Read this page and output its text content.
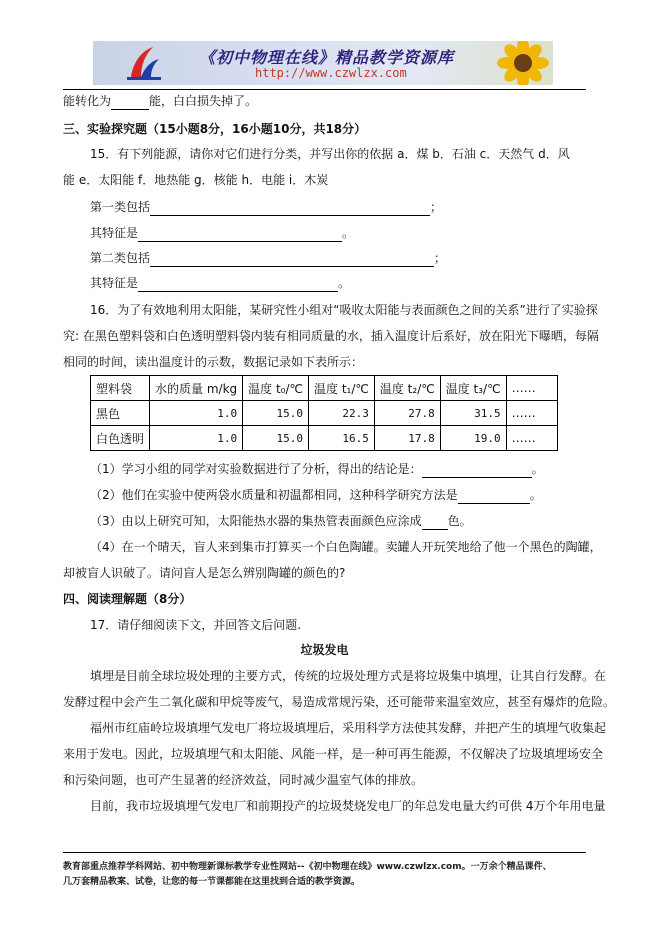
《初中物理在线》精品教学资源库
http://www.czwlzx.com
能转化为	能，白白损失掉了。
三、实验探究题（15小题8分，16小题10分，共18分）
15．有下列能源，请你对它们进行分类，并写出你的依据 a．煤 b．石油 c．天然气 d．风
能 e．太阳能 f．地热能 g．核能 h．电能 i．木炭
第一类包括	；
其特征是	。
第二类包括	；
其特征是	。
16．为了有效地利用太阳能，某研究性小组对“吸收太阳能与表面颜色之间的关系”进行了实验探
究: 在黑色塑料袋和白色透明塑料袋内装有相同质量的水，插入温度计后系好，放在阳光下曝晒，每隔
相同的时间，读出温度计的示数，数据记录如下表所示：
塑料袋	水的质量 m/kg	温度 t₀/℃	温度 t₁/℃	温度 t₂/℃	温度 t₃/℃	……
黑色	1.0	15.0	22.3	27.8	31.5	……
白色透明	1.0	15.0	16.5	17.8	19.0	……
（1）学习小组的同学对实验数据进行了分析，得出的结论是：	。
（2）他们在实验中使两袋水质量和初温都相同，这种科学研究方法是	。
（3）由以上研究可知，太阳能热水器的集热管表面颜色应涂成 色。
（4）在一个晴天，盲人来到集市打算买一个白色陶罐。卖罐人开玩笑地给了他一个黑色的陶罐，
却被盲人识破了。请问盲人是怎么辨别陶罐的颜色的?
四、阅读理解题（8分）
17．请仔细阅读下文，并回答文后问题.
垃圾发电
填埋是目前全球垃圾处理的主要方式，传统的垃圾处理方式是将垃圾集中填埋，让其自行发酵。在
发酵过程中会产生二氧化碳和甲烷等废气，易造成常规污染，还可能带来温室效应，甚至有爆炸的危险。
福州市红庙岭垃圾填埋气发电厂将垃圾填埋后，采用科学方法使其发酵，并把产生的填埋气收集起
来用于发电。因此，垃圾填埋气和太阳能、风能一样，是一种可再生能源，不仅解决了垃圾填埋场安全
和污染问题，也可产生显著的经济效益，同时减少温室气体的排放。
目前，我市垃圾填埋气发电厂和前期投产的垃圾焚烧发电厂的年总发电量大约可供 4万个年用电量
教育部重点推荐学科网站、初中物理新课标教学专业性网站--《初中物理在线》www.czwlzx.com。一万余个精品课件、
几万套精品教案、试卷，让您的每一节课都能在这里找到合适的教学资源。
